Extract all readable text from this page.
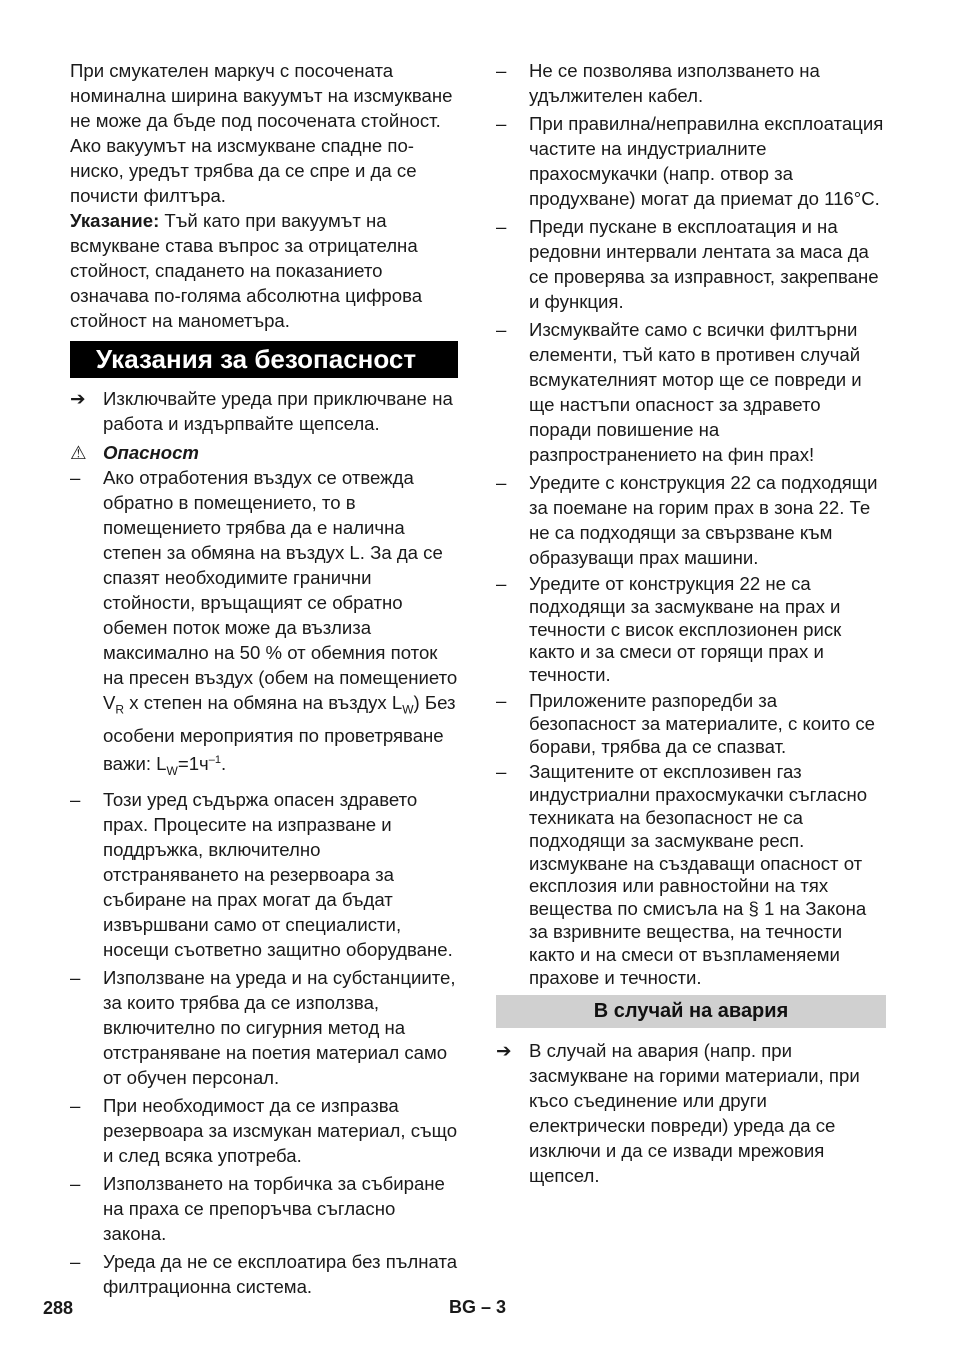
При смукателен маркуч с посочената номинална ширина вакуумът на изсмукване не може да бъде под посочената стойност. Ако вакуумът на изсмукване спадне по-ниско, уредът трябва да се спре и да се почисти филтъра.

Указание: Тъй като при вакуумът на всмукване става въпрос за отрицателна стойност, спадането на показанието означава по-голяма абсолютна цифрова стойност на манометъра.

Указания за безопасност
➔ Изключвайте уреда при приключване на работа и издърпвайте щепсела.
⚠ Опасност
– Ако отработения въздух се отвежда обратно в помещението, то в помещението трябва да е налична степен за обмяна на въздух L. За да се спазят необходимите гранични стойности, връщащият се обратно обемен поток може да възлиза максимално на 50 % от обемния поток на пресен въздух (обем на помещението $V_R$ x степен на обмяна на въздух $L_W$) Без особени мероприятия по проветряване важи: $L_W=1ч^{-1}$.
– Този уред съдържа опасен здравето прах. Процесите на изпразване и поддръжка, включително отстраняването на резервоара за събиране на прах могат да бъдат извършвани само от специалисти, носещи съответно защитно оборудване.
– Използване на уреда и на субстанциите, за които трябва да се използва, включително по сигурния метод на отстраняване на поетия материал само от обучен персонал.
– При необходимост да се изпразва резервоара за изсмукан материал, също и след всяка употреба.
– Използването на торбичка за събиране на праха се препоръчва съгласно закона.
– Уреда да не се експлоатира без пълната филтрационна система.
– Не се позволява използването на удължителен кабел.
– При правилна/неправилна експлоатация частите на индустриалните прахосмукачки (напр. отвор за продухване) могат да приемат до 116°C.
– Преди пускане в експлоатация и на редовни интервали лентата за маса да се проверява за изправност, закрепване и функция.
– Изсмуквайте само с всички филтърни елементи, тъй като в противен случай всмукателният мотор ще се повреди и ще настъпи опасност за здравето поради повишение на разпространението на фин прах!
– Уредите с конструкция 22 са подходящи за поемане на горим прах в зона 22. Те не са подходящи за свързване към образуващи прах машини.
– Уредите от конструкция 22 не са подходящи за засмукване на прах и течности с висок експлозионен риск както и за смеси от горящи прах и течности.
– Приложените разпоредби за безопасност за материалите, с които се борави, трябва да се спазват.
– Защитените от експлозивен газ индустриални прахосмукачки съгласно техниката на безопасност не са подходящи за засмукване респ. изсмукване на създаващи опасност от експлозия или равностойни на тях вещества по смисъла на § 1 на Закона за взривните вещества, на течности както и на смеси от възпламеняеми прахове и течности.
В случай на авария
➔ В случай на авария (напр. при засмукване на горими материали, при късо съединение или други електрически повреди) уреда да се изключи и да се извади мрежовия щепсел.
288	BG – 3
